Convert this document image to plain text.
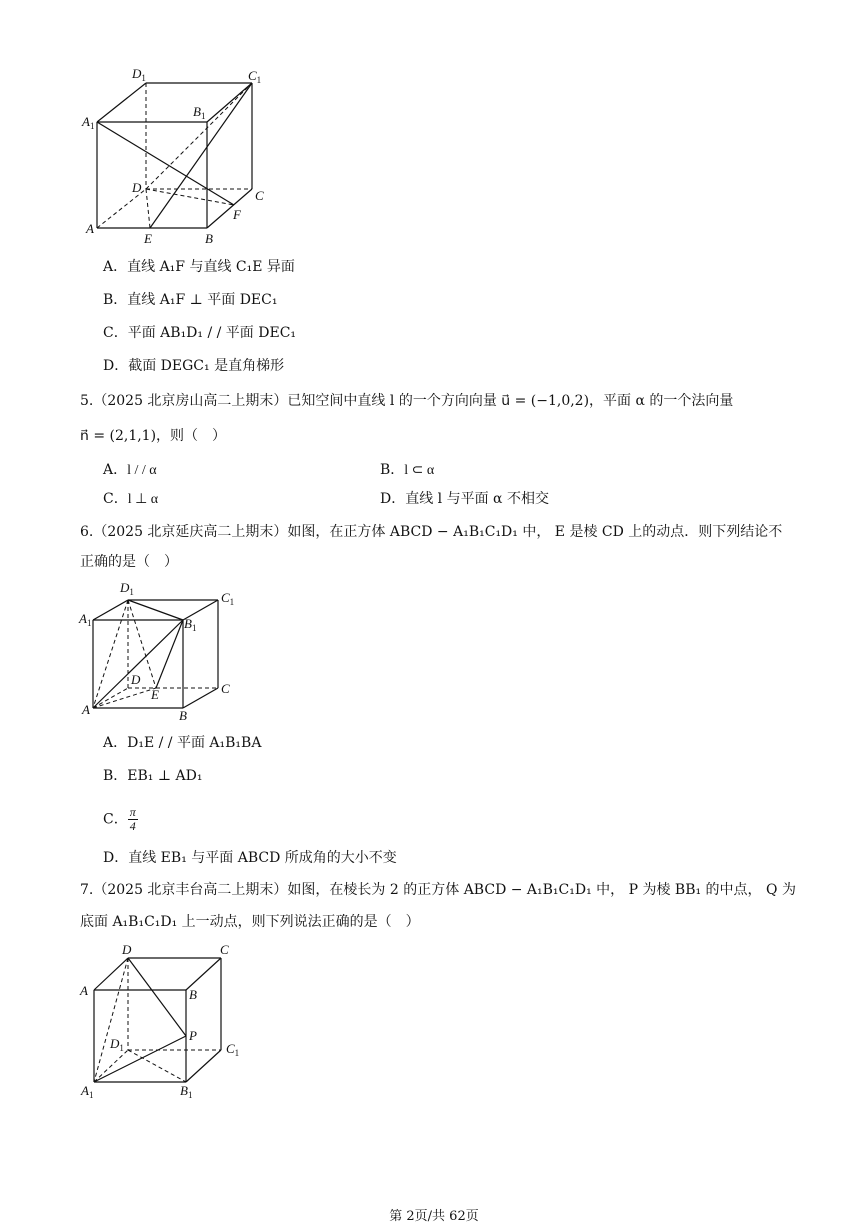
$D_1$	$C_1$
$A_1$
$B_1$
D
C
A
B
E
F
A．直线 A₁F 与直线 C₁E 异面
B．直线 A₁F ⊥ 平面 DEC₁
C．平面 AB₁D₁ / / 平面 DEC₁
D．截面 DEGC₁ 是直角梯形
5.（2025 北京房山高二上期末）已知空间中直线 l 的一个方向向量 u⃗ = (−1,0,2)，平面 α 的一个法向量
n⃗ = (2,1,1)，则（　）
A．l / / α	B．l ⊂ α
C．l ⊥ α	D．直线 l 与平面 α 不相交
6.（2025 北京延庆高二上期末）如图，在正方体 ABCD − A₁B₁C₁D₁ 中， E 是棱 CD 上的动点．则下列结论不
正确的是（　）
$D_1$	$C_1$
$A_1$	$B_1$
D
E	C
A	B
A．D₁E / / 平面 A₁B₁BA
B．EB₁ ⊥ AD₁
C． $\frac{\pi}{4}$
D．直线 EB₁ 与平面 ABCD 所成角的大小不变
7.（2025 北京丰台高二上期末）如图，在棱长为 2 的正方体 ABCD − A₁B₁C₁D₁ 中， P 为棱 BB₁ 的中点， Q 为
底面 A₁B₁C₁D₁ 上一动点，则下列说法正确的是（　）
D	C
A	B
P
$D_1$	$C_1$
$A_1$	$B_1$
第 2页/共 62页
